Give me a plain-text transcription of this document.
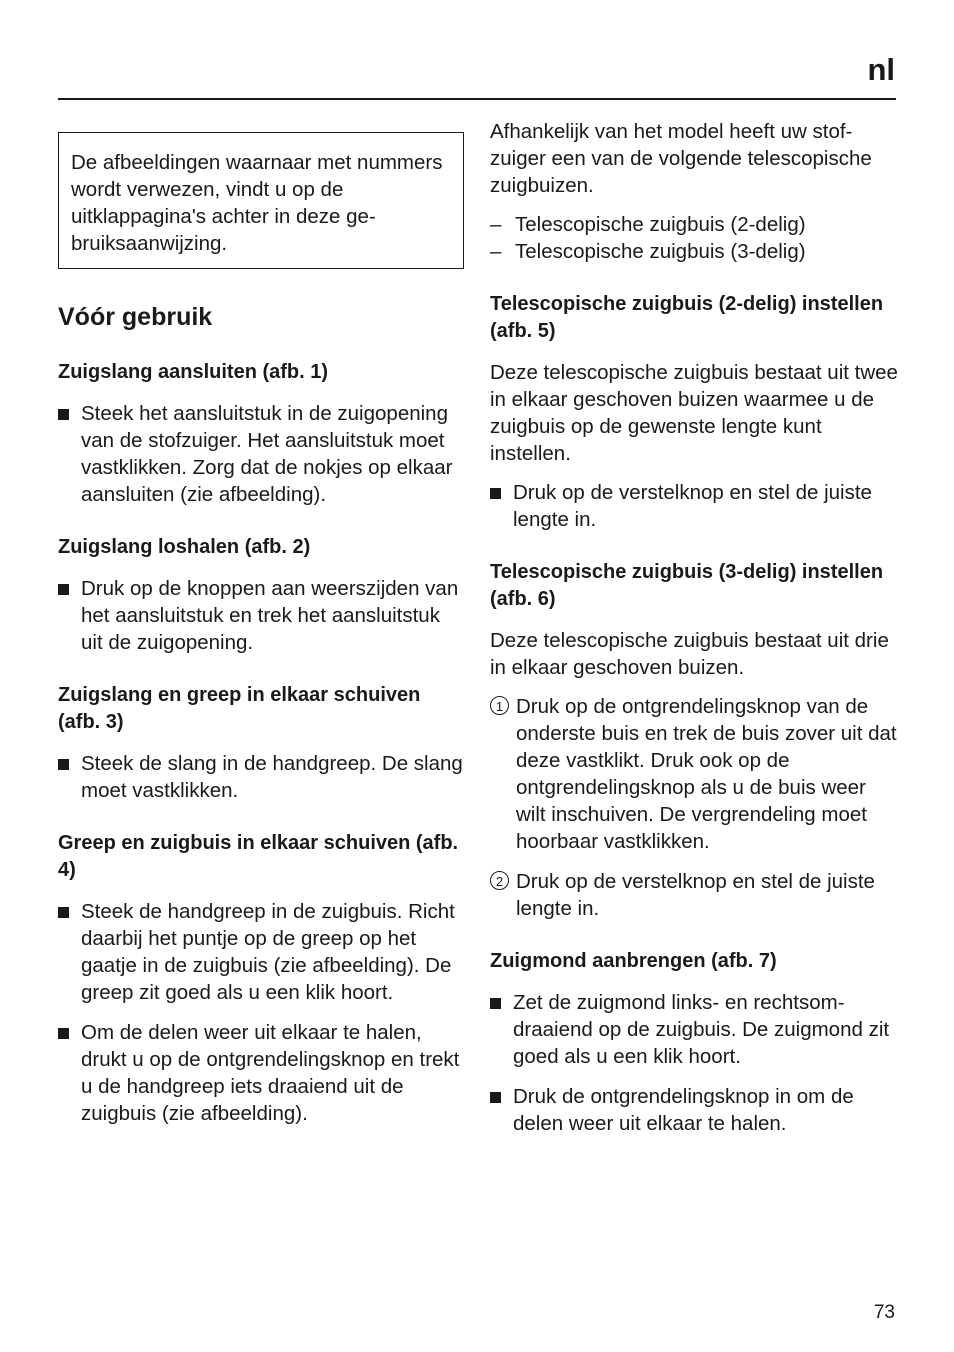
nl
De afbeeldingen waarnaar met nummers wordt verwezen, vindt u op de uitklappagina's achter in deze gebruiksaanwijzing.
Vóór gebruik
Zuigslang aansluiten (afb. 1)
Steek het aansluitstuk in de zuigopening van de stofzuiger. Het aansluitstuk moet vastklikken. Zorg dat de nokjes op elkaar aansluiten (zie afbeelding).
Zuigslang loshalen (afb. 2)
Druk op de knoppen aan weerszijden van het aansluitstuk en trek het aansluitstuk uit de zuigopening.
Zuigslang en greep in elkaar schuiven (afb. 3)
Steek de slang in de handgreep. De slang moet vastklikken.
Greep en zuigbuis in elkaar schuiven (afb. 4)
Steek de handgreep in de zuigbuis. Richt daarbij het puntje op de greep op het gaatje in de zuigbuis (zie afbeelding). De greep zit goed als u een klik hoort.
Om de delen weer uit elkaar te halen, drukt u op de ontgrendelingsknop en trekt u de handgreep iets draaiend uit de zuigbuis (zie afbeelding).

Afhankelijk van het model heeft uw stofzuiger een van de volgende telescopische zuigbuizen.

– Telescopische zuigbuis (2-delig)
– Telescopische zuigbuis (3-delig)
Telescopische zuigbuis (2-delig) instellen (afb. 5)

Deze telescopische zuigbuis bestaat uit twee in elkaar geschoven buizen waarmee u de zuigbuis op de gewenste lengte kunt instellen.

Druk op de verstelknop en stel de juiste lengte in.
Telescopische zuigbuis (3-delig) instellen (afb. 6)

Deze telescopische zuigbuis bestaat uit drie in elkaar geschoven buizen.

1 Druk op de ontgrendelingsknop van de onderste buis en trek de buis zover uit dat deze vastklikt. Druk ook op de ontgrendelingsknop als u de buis weer wilt inschuiven. De vergrendeling moet hoorbaar vastklikken.
2 Druk op de verstelknop en stel de juiste lengte in.
Zuigmond aanbrengen (afb. 7)
Zet de zuigmond links- en rechtsomdraaiend op de zuigbuis. De zuigmond zit goed als u een klik hoort.
Druk de ontgrendelingsknop in om de delen weer uit elkaar te halen.
73
